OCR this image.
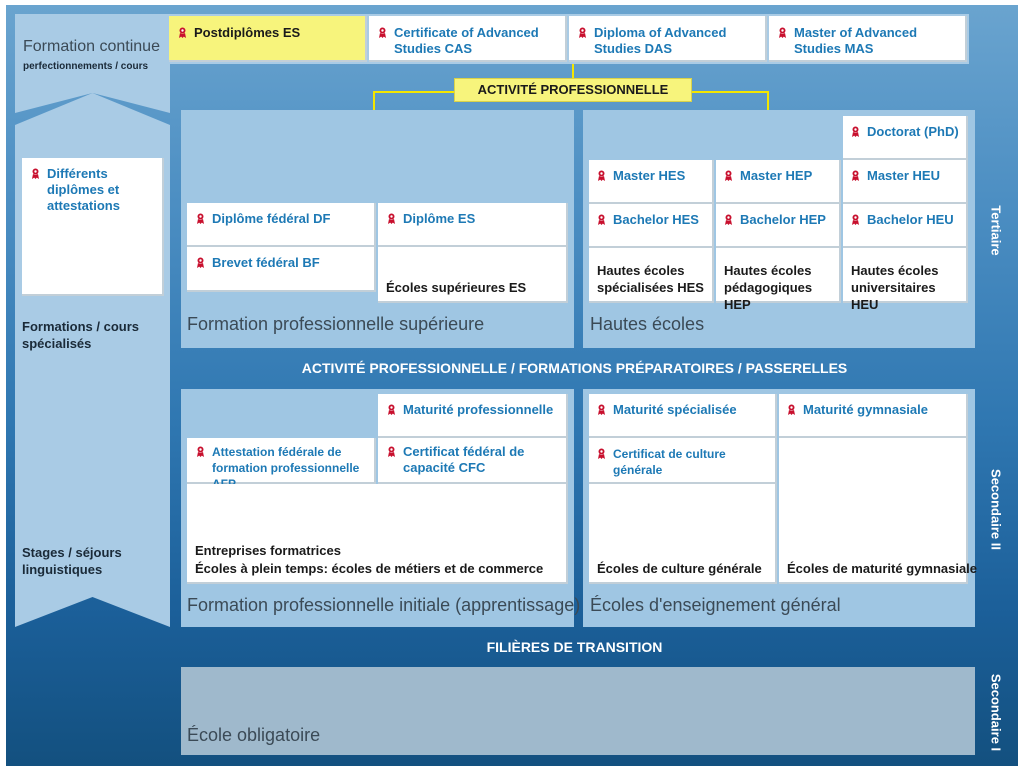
Formation continue
perfectionnements / cours
Différents diplômes et attestations
Formations / cours spécialisés
Stages / séjours linguistiques
Postdiplômes ES	Certificate of Advanced Studies CAS
Diploma of Advanced Studies DAS
Master of Advanced Studies MAS
ACTIVITÉ PROFESSIONNELLE
Diplôme fédéral DF
Brevet fédéral BF
Diplôme ES
Écoles supérieures ES
Formation professionnelle supérieure
Doctorat (PhD)
Master HES	Master HEP	Master HEU
Bachelor HES	Bachelor HEP	Bachelor HEU
Hautes écoles spécialisées HES
Hautes écoles pédagogiques HEP
Hautes écoles universitaires HEU
Hautes écoles
ACTIVITÉ PROFESSIONNELLE / FORMATIONS PRÉPARATOIRES / PASSERELLES
Maturité professionnelle
Attestation fédérale de formation professionnelle
Certificat fédéral de capacité CFC
Entreprises formatrices
Écoles à plein temps: écoles de métiers et de commerce
Formation professionnelle initiale (apprentissage)
Maturité spécialisée	Maturité gymnasiale
Certificat de culture générale
Écoles de culture générale Écoles de maturité gymnasiale
Écoles d'enseignement général
FILIÈRES DE TRANSITION
École obligatoire
Tertiaire
Secondaire II
Secondaire I
